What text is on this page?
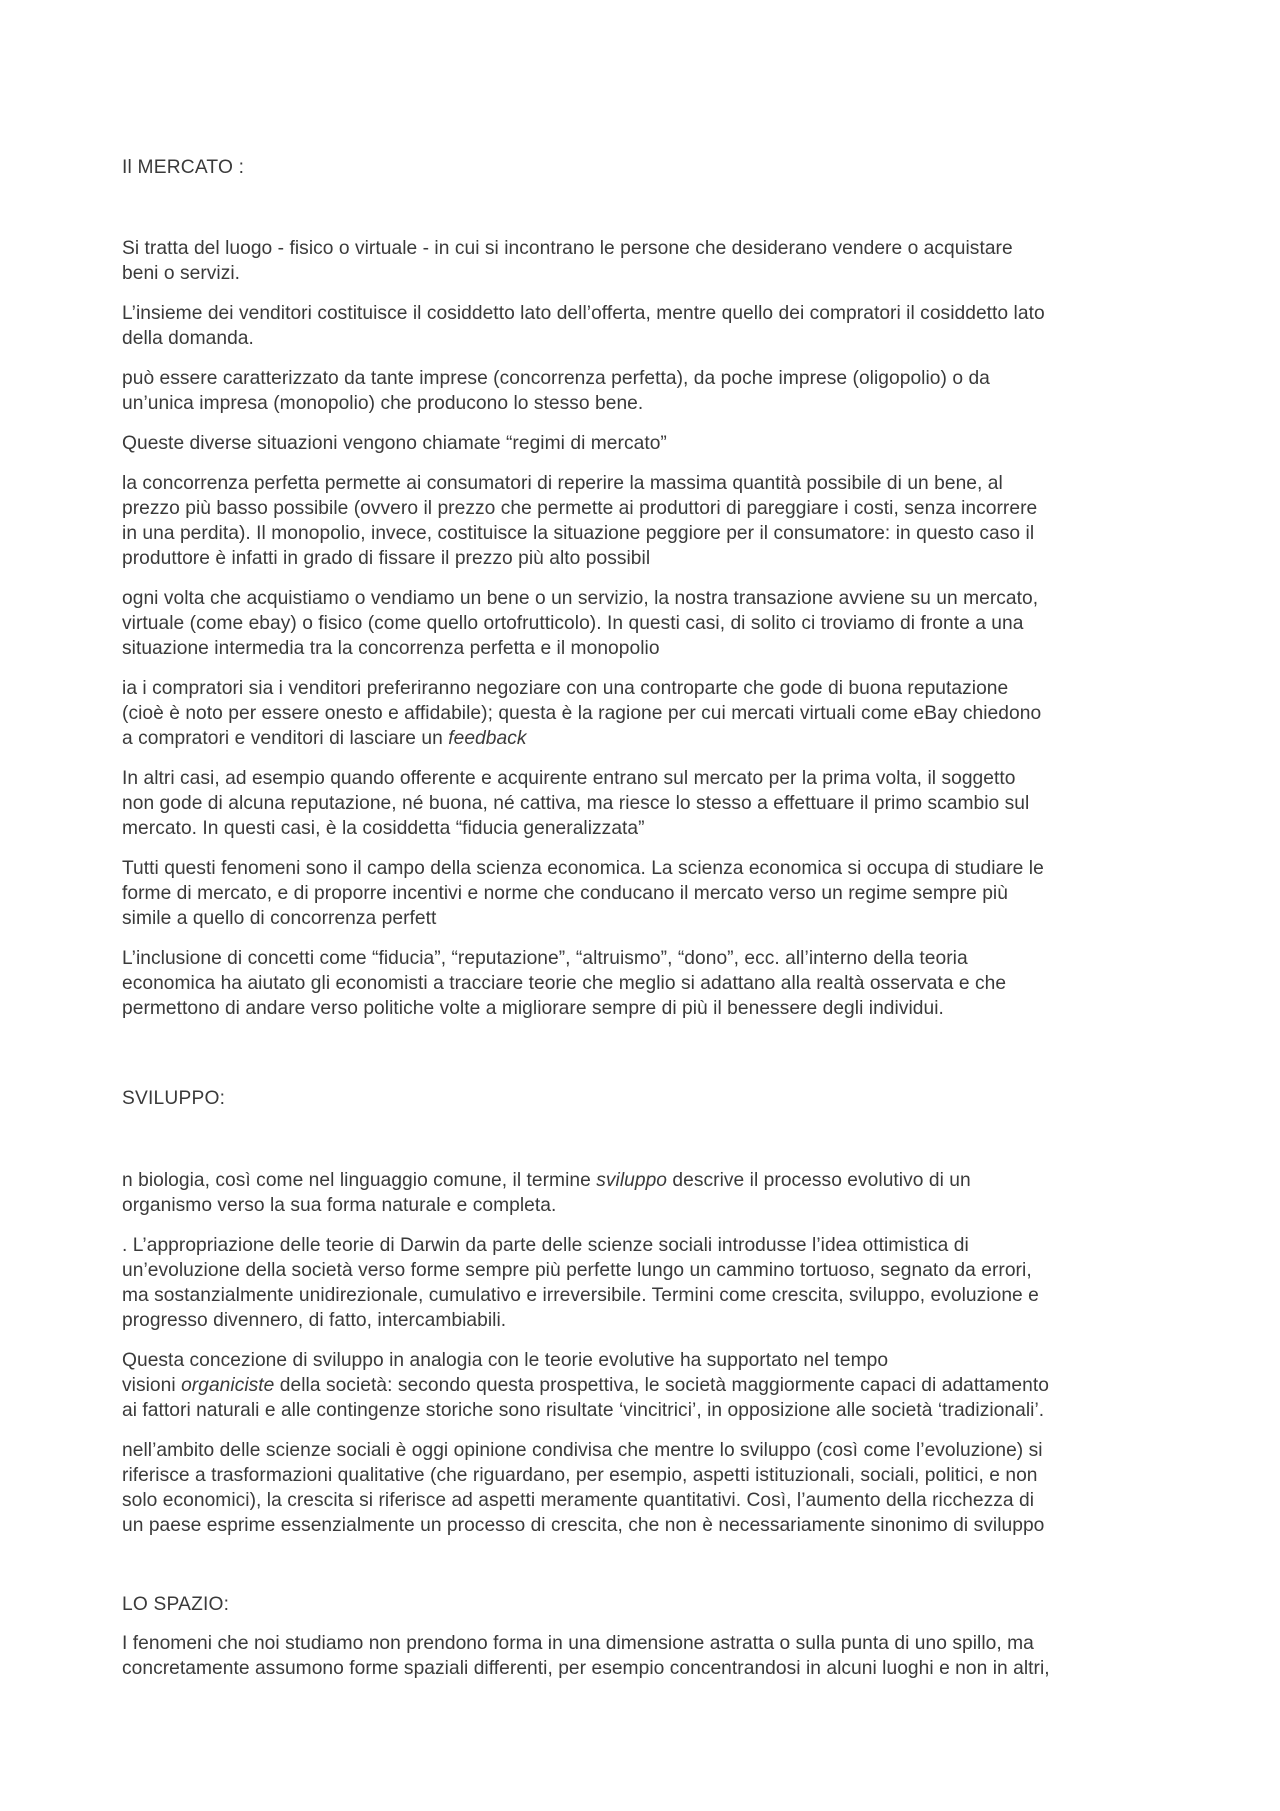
Il MERCATO :

Si tratta del luogo - fisico o virtuale - in cui si incontrano le persone che desiderano vendere o acquistare
beni o servizi.

L’insieme dei venditori costituisce il cosiddetto lato dell’offerta, mentre quello dei compratori il cosiddetto lato
della domanda.

può essere caratterizzato da tante imprese (concorrenza perfetta), da poche imprese (oligopolio) o da
un’unica impresa (monopolio) che producono lo stesso bene.

Queste diverse situazioni vengono chiamate “regimi di mercato”

la concorrenza perfetta permette ai consumatori di reperire la massima quantità possibile di un bene, al
prezzo più basso possibile (ovvero il prezzo che permette ai produttori di pareggiare i costi, senza incorrere
in una perdita). Il monopolio, invece, costituisce la situazione peggiore per il consumatore: in questo caso il
produttore è infatti in grado di fissare il prezzo più alto possibil

ogni volta che acquistiamo o vendiamo un bene o un servizio, la nostra transazione avviene su un mercato,
virtuale (come ebay) o fisico (come quello ortofrutticolo). In questi casi, di solito ci troviamo di fronte a una
situazione intermedia tra la concorrenza perfetta e il monopolio

ia i compratori sia i venditori preferiranno negoziare con una controparte che gode di buona reputazione
(cioè è noto per essere onesto e affidabile); questa è la ragione per cui mercati virtuali come eBay chiedono
a compratori e venditori di lasciare un feedback

In altri casi, ad esempio quando offerente e acquirente entrano sul mercato per la prima volta, il soggetto
non gode di alcuna reputazione, né buona, né cattiva, ma riesce lo stesso a effettuare il primo scambio sul
mercato. In questi casi, è la cosiddetta “fiducia generalizzata”

Tutti questi fenomeni sono il campo della scienza economica. La scienza economica si occupa di studiare le
forme di mercato, e di proporre incentivi e norme che conducano il mercato verso un regime sempre più
simile a quello di concorrenza perfett

L’inclusione di concetti come “fiducia”, “reputazione”, “altruismo”, “dono”, ecc. all’interno della teoria
economica ha aiutato gli economisti a tracciare teorie che meglio si adattano alla realtà osservata e che
permettono di andare verso politiche volte a migliorare sempre di più il benessere degli individui.

SVILUPPO:

n biologia, così come nel linguaggio comune, il termine sviluppo descrive il processo evolutivo di un
organismo verso la sua forma naturale e completa.

. L’appropriazione delle teorie di Darwin da parte delle scienze sociali introdusse l’idea ottimistica di
un’evoluzione della società verso forme sempre più perfette lungo un cammino tortuoso, segnato da errori,
ma sostanzialmente unidirezionale, cumulativo e irreversibile. Termini come crescita, sviluppo, evoluzione e
progresso divennero, di fatto, intercambiabili.

Questa concezione di sviluppo in analogia con le teorie evolutive ha supportato nel tempo
visioni organiciste della società: secondo questa prospettiva, le società maggiormente capaci di adattamento
ai fattori naturali e alle contingenze storiche sono risultate ‘vincitrici’, in opposizione alle società ‘tradizionali’.

nell’ambito delle scienze sociali è oggi opinione condivisa che mentre lo sviluppo (così come l’evoluzione) si
riferisce a trasformazioni qualitative (che riguardano, per esempio, aspetti istituzionali, sociali, politici, e non
solo economici), la crescita si riferisce ad aspetti meramente quantitativi. Così, l’aumento della ricchezza di
un paese esprime essenzialmente un processo di crescita, che non è necessariamente sinonimo di sviluppo

LO SPAZIO:

I fenomeni che noi studiamo non prendono forma in una dimensione astratta o sulla punta di uno spillo, ma
concretamente assumono forme spaziali differenti, per esempio concentrandosi in alcuni luoghi e non in altri,
